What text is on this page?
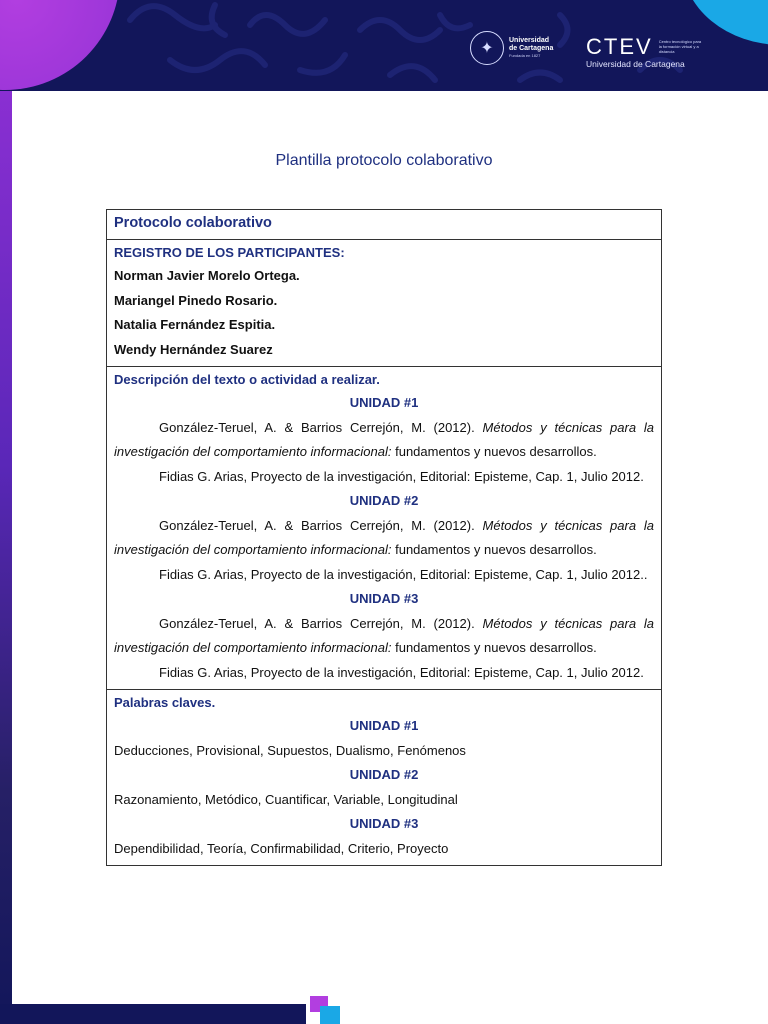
✦	Universidad
de Cartagena
Fundada en 1827	CTEV Centro tecnológico para la formación virtual y a distancia
Universidad de Cartagena
Plantilla protocolo colaborativo
Protocolo colaborativo

REGISTRO DE LOS PARTICIPANTES:
Norman Javier Morelo Ortega.
Mariangel Pinedo Rosario.
Natalia Fernández Espitia.
Wendy Hernández Suarez

Descripción del texto o actividad a realizar.
UNIDAD #1
González-Teruel, A. & Barrios Cerrejón, M. (2012). Métodos y técnicas para la investigación del comportamiento informacional: fundamentos y nuevos desarrollos.
Fidias G. Arias, Proyecto de la investigación, Editorial: Episteme, Cap. 1, Julio 2012.
UNIDAD #2
González-Teruel, A. & Barrios Cerrejón, M. (2012). Métodos y técnicas para la investigación del comportamiento informacional: fundamentos y nuevos desarrollos.
Fidias G. Arias, Proyecto de la investigación, Editorial: Episteme, Cap. 1, Julio 2012..
UNIDAD #3
González-Teruel, A. & Barrios Cerrejón, M. (2012). Métodos y técnicas para la investigación del comportamiento informacional: fundamentos y nuevos desarrollos.
Fidias G. Arias, Proyecto de la investigación, Editorial: Episteme, Cap. 1, Julio 2012.

Palabras claves.
UNIDAD #1
Deducciones, Provisional, Supuestos, Dualismo, Fenómenos
UNIDAD #2
Razonamiento, Metódico, Cuantificar, Variable, Longitudinal
UNIDAD #3
Dependibilidad, Teoría, Confirmabilidad, Criterio, Proyecto
